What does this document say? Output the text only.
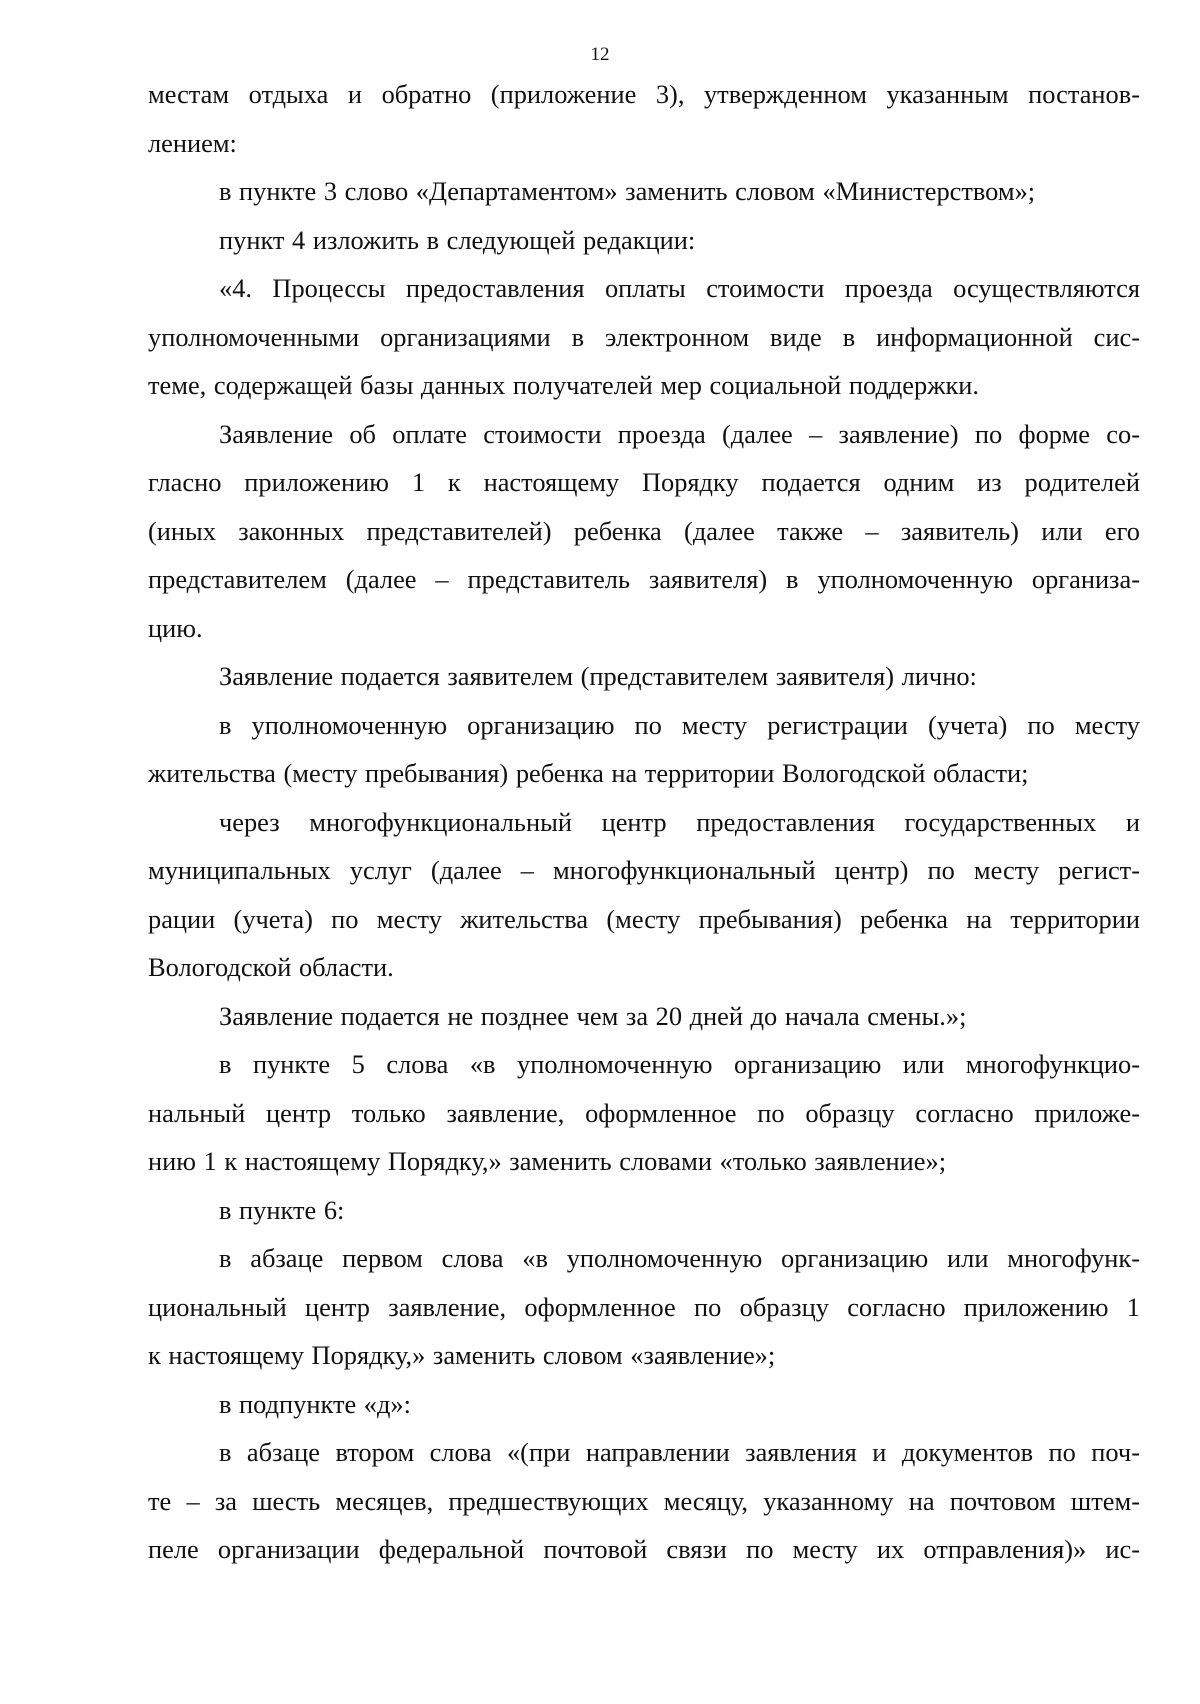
12

местам отдыха и обратно (приложение 3), утвержденном указанным постанов-

лением:

в пункте 3 слово «Департаментом» заменить словом «Министерством»;

пункт 4 изложить в следующей редакции:

«4. Процессы предоставления оплаты стоимости проезда осуществляются

уполномоченными организациями в электронном виде в информационной сис-

теме, содержащей базы данных получателей мер социальной поддержки.

Заявление об оплате стоимости проезда (далее – заявление) по форме со-

гласно приложению 1 к настоящему Порядку подается одним из родителей

(иных законных представителей) ребенка (далее также – заявитель) или его

представителем (далее – представитель заявителя) в уполномоченную организа-

цию.

Заявление подается заявителем (представителем заявителя) лично:

в уполномоченную организацию по месту регистрации (учета) по месту

жительства (месту пребывания) ребенка на территории Вологодской области;

через многофункциональный центр предоставления государственных и

муниципальных услуг (далее – многофункциональный центр) по месту регист-

рации (учета) по месту жительства (месту пребывания) ребенка на территории

Вологодской области.

Заявление подается не позднее чем за 20 дней до начала смены.»;

в пункте 5 слова «в уполномоченную организацию или многофункцио-

нальный центр только заявление, оформленное по образцу согласно приложе-

нию 1 к настоящему Порядку,» заменить словами «только заявление»;

в пункте 6:

в абзаце первом слова «в уполномоченную организацию или многофунк-

циональный центр заявление, оформленное по образцу согласно приложению 1

к настоящему Порядку,» заменить словом «заявление»;

в подпункте «д»:

в абзаце втором слова «(при направлении заявления и документов по поч-

те – за шесть месяцев, предшествующих месяцу, указанному на почтовом штем-

пеле организации федеральной почтовой связи по месту их отправления)» ис-
